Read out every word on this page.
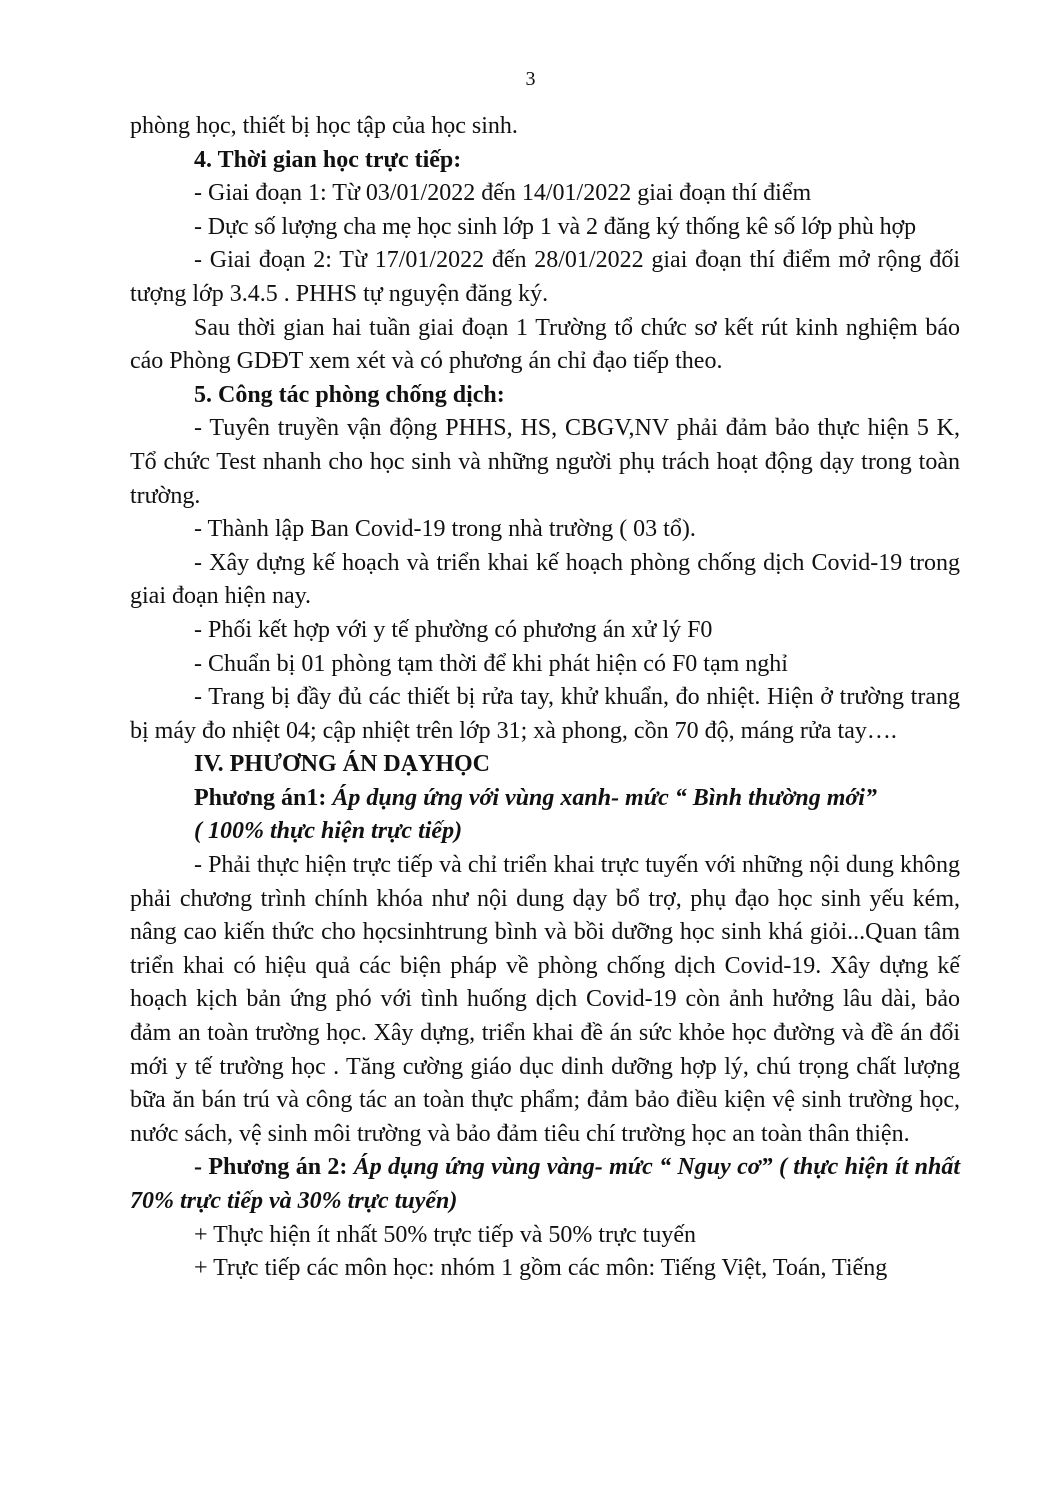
3

phòng học, thiết bị học tập của học sinh.

4. Thời gian học trực tiếp:

- Giai đoạn 1: Từ 03/01/2022 đến 14/01/2022 giai đoạn thí điểm

- Dực số lượng cha mẹ học sinh lớp 1 và 2 đăng ký thống kê số lớp phù hợp

- Giai đoạn 2: Từ 17/01/2022 đến 28/01/2022 giai đoạn thí điểm mở rộng đối tượng lớp 3.4.5 . PHHS tự nguyện đăng ký.

Sau thời gian hai tuần giai đoạn 1 Trường tổ chức sơ kết rút kinh nghiệm báo cáo Phòng GDĐT xem xét và có phương án chỉ đạo tiếp theo.

5. Công tác phòng chống dịch:

- Tuyên truyền vận động PHHS, HS, CBGV,NV phải đảm bảo thực hiện 5 K, Tổ chức Test nhanh cho học sinh và những người phụ trách hoạt động dạy trong toàn trường.

- Thành lập Ban Covid-19 trong nhà trường ( 03 tổ).

- Xây dựng kế hoạch và triển khai kế hoạch phòng chống dịch Covid-19 trong giai đoạn hiện nay.

- Phối kết hợp với y tế phường có phương án xử lý F0

- Chuẩn bị 01 phòng tạm thời để khi phát hiện có F0 tạm nghỉ

- Trang bị đầy đủ các thiết bị rửa tay, khử khuẩn, đo nhiệt. Hiện ở trường trang bị máy đo nhiệt 04; cập nhiệt trên lớp 31; xà phong, cồn 70 độ, máng rửa tay….

IV. PHƯƠNG ÁN DẠYHỌC

Phương án1: Áp dụng ứng với vùng xanh- mức “ Bình thường mới”

( 100% thực hiện trực tiếp)

- Phải thực hiện trực tiếp và chỉ triển khai trực tuyến với những nội dung không phải chương trình chính khóa như nội dung dạy bổ trợ, phụ đạo học sinh yếu kém, nâng cao kiến thức cho họcsinhtrung bình và bồi dưỡng học sinh khá giỏi...Quan tâm triển khai có hiệu quả các biện pháp về phòng chống dịch Covid-19. Xây dựng kế hoạch kịch bản ứng phó với tình huống dịch Covid-19 còn ảnh hưởng lâu dài, bảo đảm an toàn trường học. Xây dựng, triển khai đề án sức khỏe học đường và đề án đổi mới y tế trường học . Tăng cường giáo dục dinh dưỡng hợp lý, chú trọng chất lượng bữa ăn bán trú và công tác an toàn thực phẩm; đảm bảo điều kiện vệ sinh trường học, nước sách, vệ sinh môi trường và bảo đảm tiêu chí trường học an toàn thân thiện.

- Phương án 2: Áp dụng ứng vùng vàng- mức “ Nguy cơ” ( thực hiện ít nhất 70% trực tiếp và 30% trực tuyến)

+ Thực hiện ít nhất 50% trực tiếp và 50% trực tuyến

+ Trực tiếp các môn học: nhóm 1 gồm các môn: Tiếng Việt, Toán, Tiếng
